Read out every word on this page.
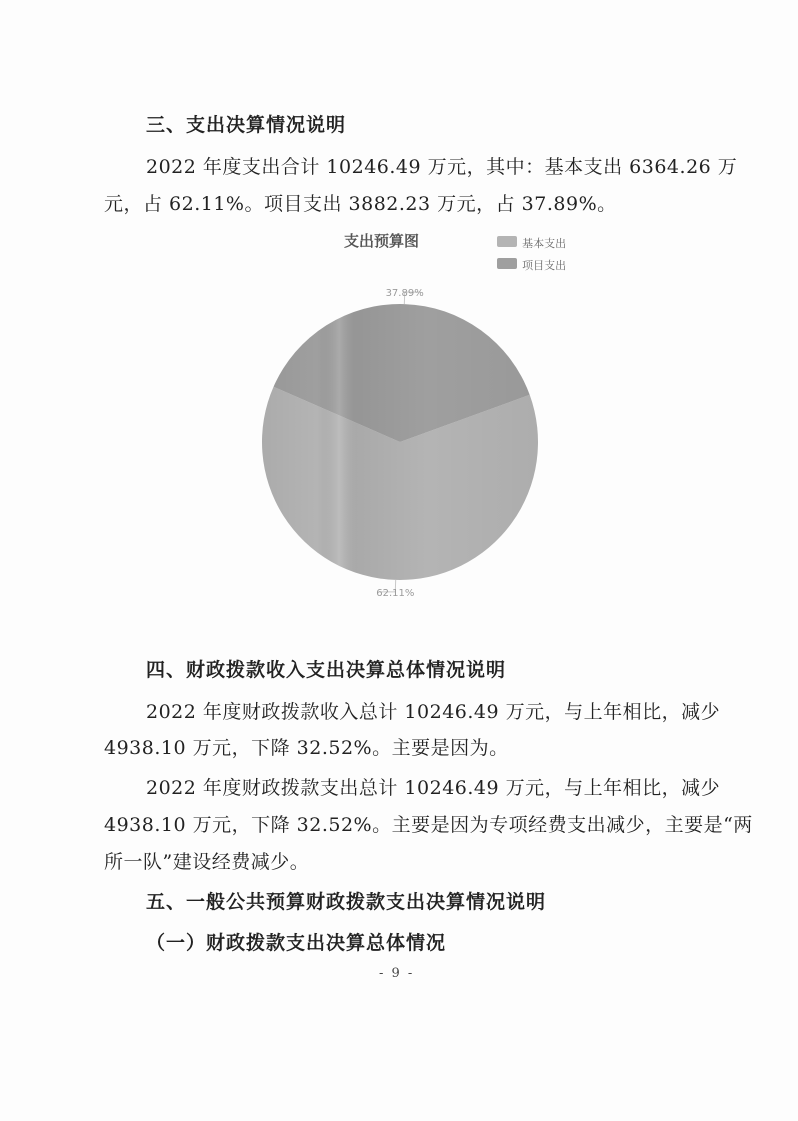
三、支出决算情况说明
2022 年度支出合计 10246.49 万元，其中：基本支出 6364.26 万
元，占 62.11%。项目支出 3882.23 万元，占 37.89%。
支出预算图	基本支出
项目支出
37.89%
62.11%
四、财政拨款收入支出决算总体情况说明
2022 年度财政拨款收入总计 10246.49 万元，与上年相比，减少
4938.10 万元，下降 32.52%。主要是因为。
2022 年度财政拨款支出总计 10246.49 万元，与上年相比，减少
4938.10 万元，下降 32.52%。主要是因为专项经费支出减少，主要是“两
所一队”建设经费减少。
五、一般公共预算财政拨款支出决算情况说明
（一）财政拨款支出决算总体情况
- 9 -
